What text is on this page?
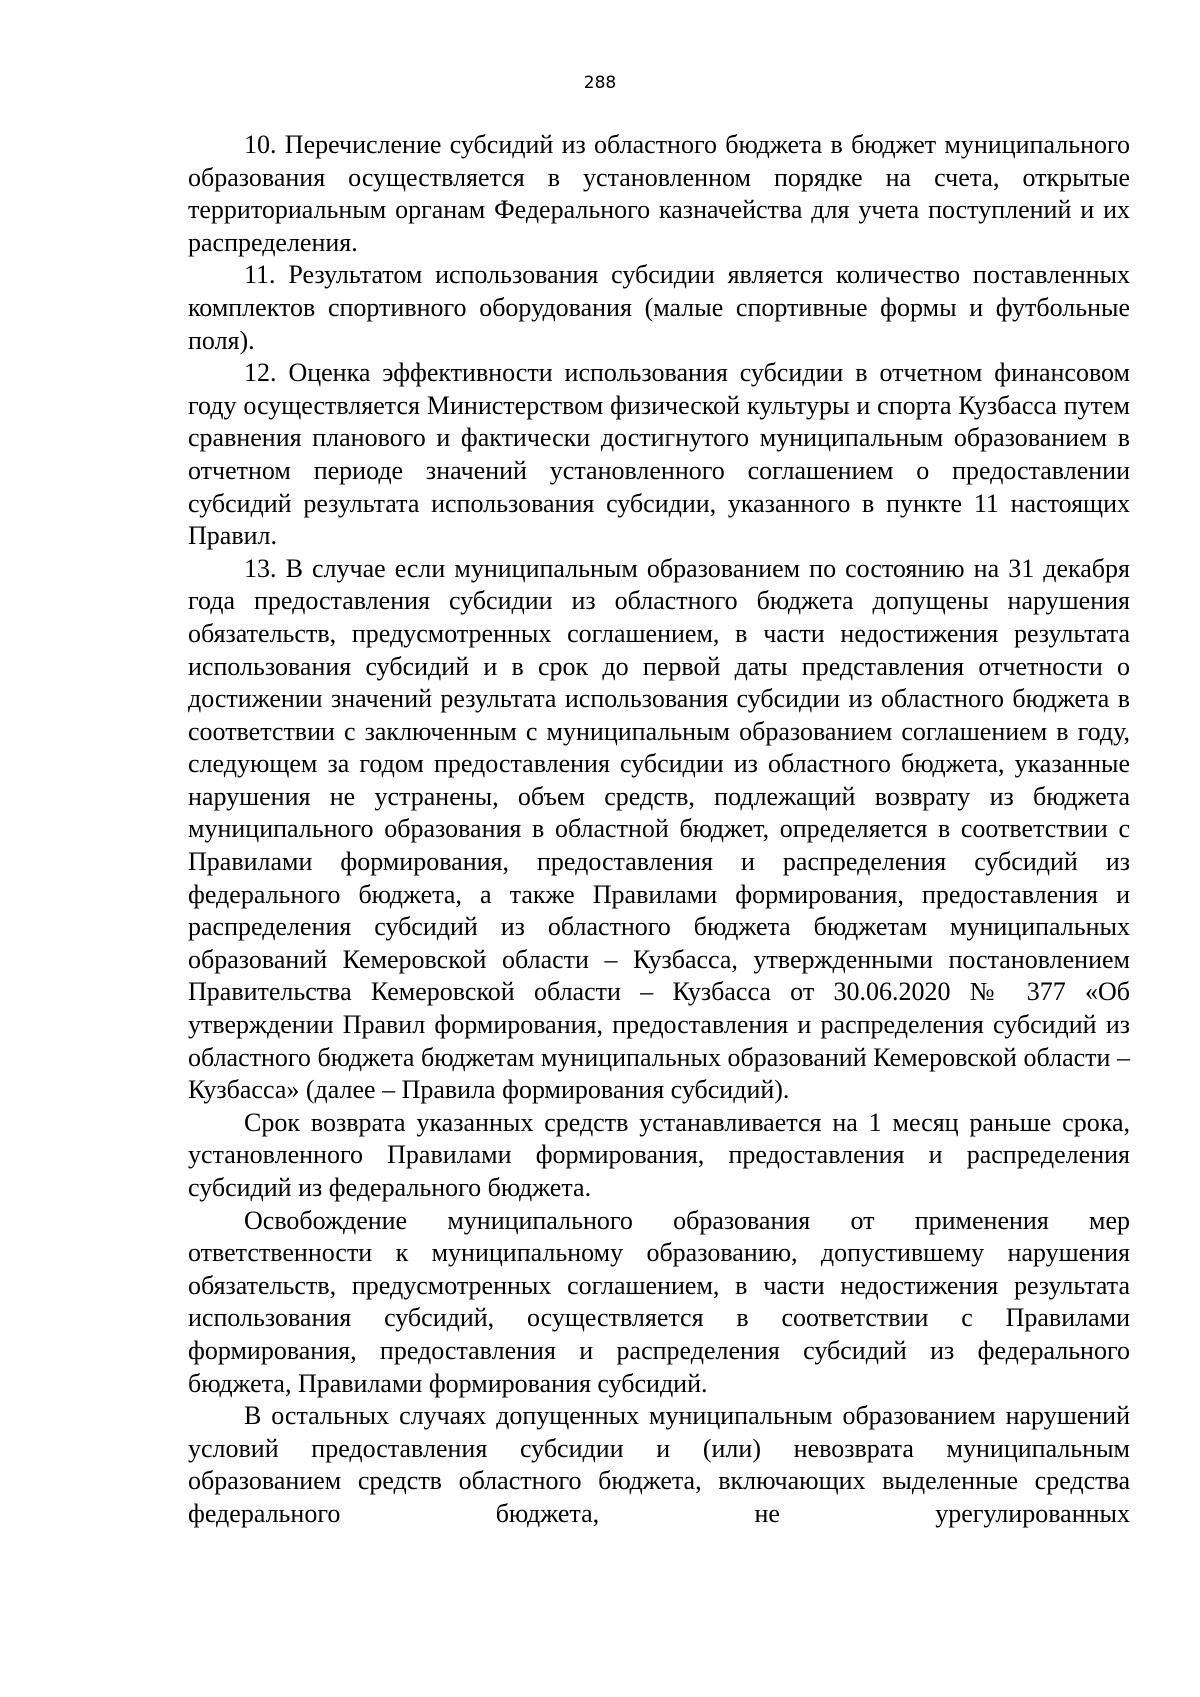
288

10. Перечисление субсидий из областного бюджета в бюджет муниципального образования осуществляется в установленном порядке на счета, открытые территориальным органам Федерального казначейства для учета поступлений и их распределения.

11. Результатом использования субсидии является количество поставленных комплектов спортивного оборудования (малые спортивные формы и футбольные поля).

12. Оценка эффективности использования субсидии в отчетном финансовом году осуществляется Министерством физической культуры и спорта Кузбасса путем сравнения планового и фактически достигнутого муниципальным образованием в отчетном периоде значений установленного соглашением о предоставлении субсидий результата использования субсидии, указанного в пункте 11 настоящих Правил.

13. В случае если муниципальным образованием по состоянию на 31 декабря года предоставления субсидии из областного бюджета допущены нарушения обязательств, предусмотренных соглашением, в части недостижения результата использования субсидий и в срок до первой даты представления отчетности о достижении значений результата использования субсидии из областного бюджета в соответствии с заключенным с муниципальным образованием соглашением в году, следующем за годом предоставления субсидии из областного бюджета, указанные нарушения не устранены, объем средств, подлежащий возврату из бюджета муниципального образования в областной бюджет, определяется в соответствии с Правилами формирования, предоставления и распределения субсидий из федерального бюджета, а также Правилами формирования, предоставления и распределения субсидий из областного бюджета бюджетам муниципальных образований Кемеровской области – Кузбасса, утвержденными постановлением Правительства Кемеровской области – Кузбасса от 30.06.2020 № 377 «Об утверждении Правил формирования, предоставления и распределения субсидий из областного бюджета бюджетам муниципальных образований Кемеровской области – Кузбасса» (далее – Правила формирования субсидий).

Срок возврата указанных средств устанавливается на 1 месяц раньше срока, установленного Правилами формирования, предоставления и распределения субсидий из федерального бюджета.

Освобождение муниципального образования от применения мер ответственности к муниципальному образованию, допустившему нарушения обязательств, предусмотренных соглашением, в части недостижения результата использования субсидий, осуществляется в соответствии с Правилами формирования, предоставления и распределения субсидий из федерального бюджета, Правилами формирования субсидий.

В остальных случаях допущенных муниципальным образованием нарушений условий предоставления субсидии и (или) невозврата муниципальным образованием средств областного бюджета, включающих выделенные средства федерального бюджета, не урегулированных
